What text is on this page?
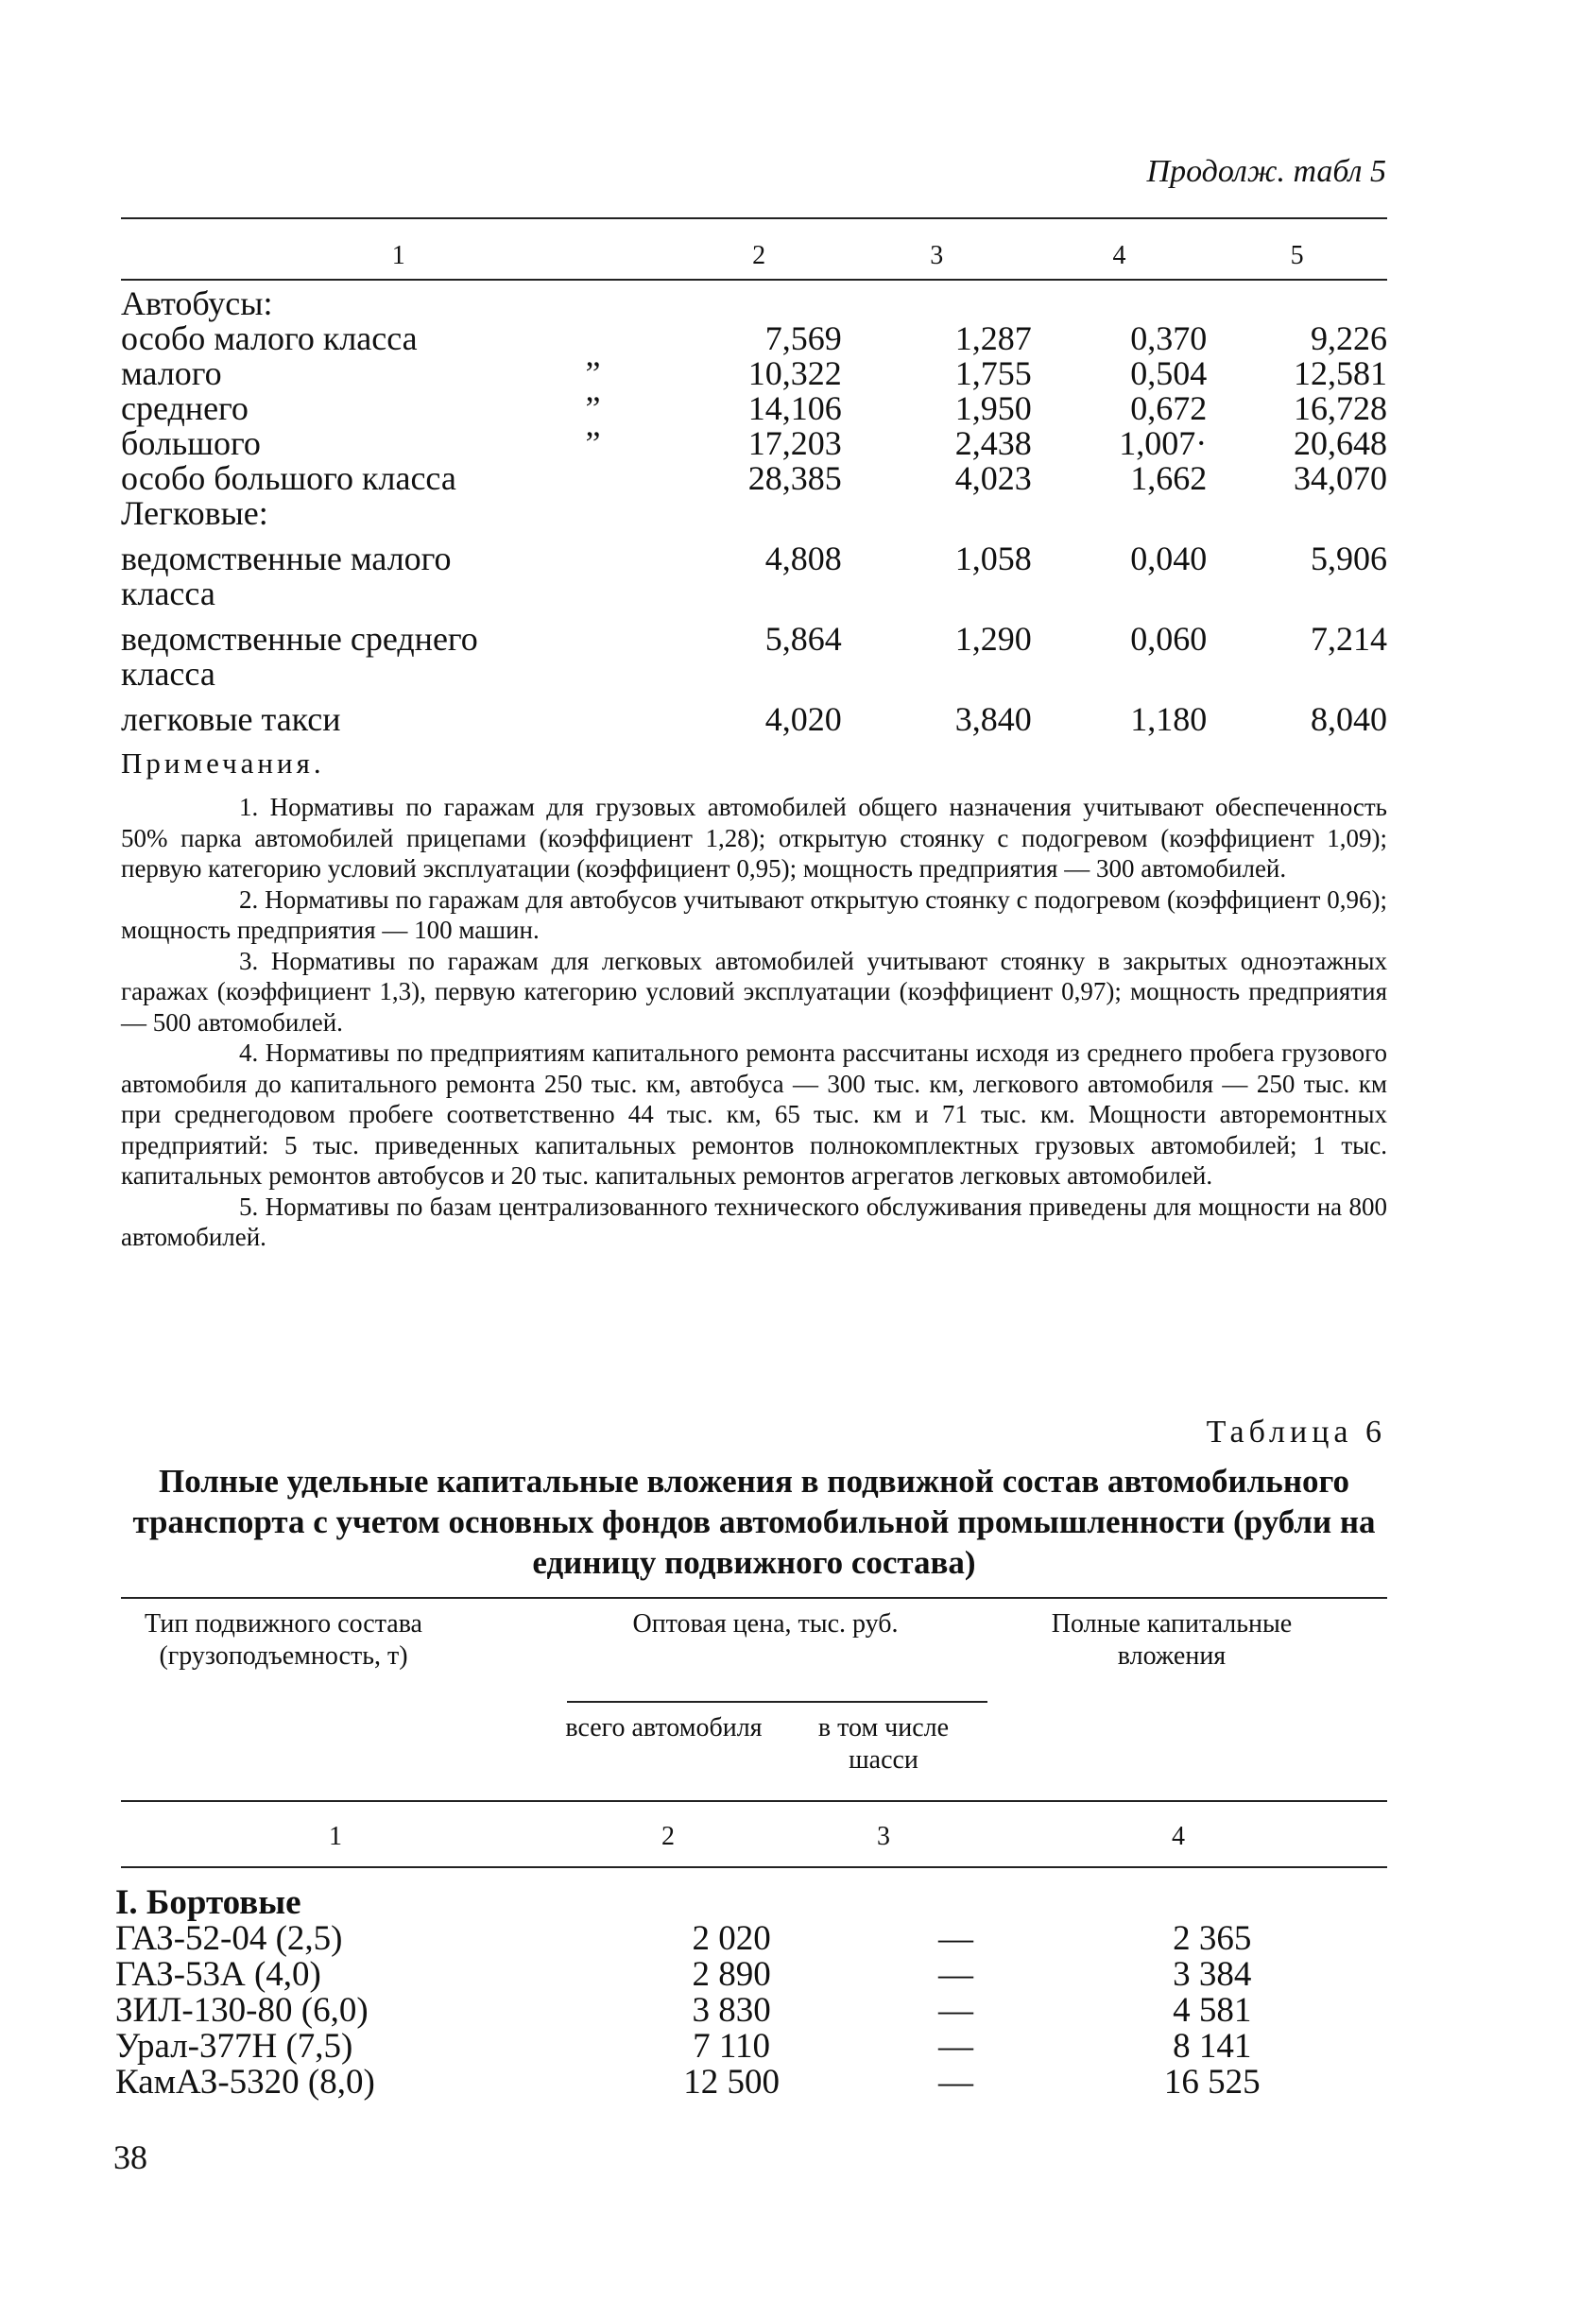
Продолж. табл 5
1	2	3	4	5
Автобусы:				
особо малого класса	7,569	1,287	0,370	9,226
малого ”	10,322	1,755	0,504	12,581
среднего ”	14,106	1,950	0,672	16,728
большого ”	17,203	2,438	1,007·	20,648
особо большого класса	28,385	4,023	1,662	34,070
Легковые:				
ведомственные малого	4,808	1,058	0,040	5,906
класса				
ведомственные среднего	5,864	1,290	0,060	7,214
класса				
легковые такси	4,020	3,840	1,180	8,040
Примечания.

1. Нормативы по гаражам для грузовых автомобилей общего назначения учитывают обеспеченность 50% парка автомобилей прицепами (коэффициент 1,28); открытую стоянку с подогревом (коэффициент 1,09); первую категорию условий эксплуатации (коэффициент 0,95); мощность предприятия — 300 автомобилей.

2. Нормативы по гаражам для автобусов учитывают открытую стоянку с подогревом (коэффициент 0,96); мощность предприятия — 100 машин.

3. Нормативы по гаражам для легковых автомобилей учитывают стоянку в закрытых одноэтажных гаражах (коэффициент 1,3), первую категорию условий эксплуатации (коэффициент 0,97); мощность предприятия — 500 автомобилей.

4. Нормативы по предприятиям капитального ремонта рассчитаны исходя из среднего пробега грузового автомобиля до капитального ремонта 250 тыс. км, автобуса — 300 тыс. км, легкового автомобиля — 250 тыс. км при среднегодовом пробеге соответственно 44 тыс. км, 65 тыс. км и 71 тыс. км. Мощности авторемонтных предприятий: 5 тыс. приведенных капитальных ремонтов полнокомплектных грузовых автомобилей; 1 тыс. капитальных ремонтов автобусов и 20 тыс. капитальных ремонтов агрегатов легковых автомобилей.

5. Нормативы по базам централизованного технического обслуживания приведены для мощности на 800 автомобилей.

Таблица 6
Полные удельные капитальные вложения в подвижной состав автомобильного транспорта с учетом основных фондов автомобильной промышленности (рубли на единицу подвижного состава)
Тип подвижного состава (грузоподъемность, т)
Оптовая цена, тыс. руб.
всего автомобиля	в том числе шасси
Полные капитальные вложения
1	2	3	4
I. Бортовые			
ГАЗ-52-04 (2,5)	2 020	—	2 365
ГАЗ-53А (4,0)	2 890	—	3 384
ЗИЛ-130-80 (6,0)	3 830	—	4 581
Урал-377Н (7,5)	7 110	—	8 141
КамАЗ-5320 (8,0)	12 500	—	16 525
38
